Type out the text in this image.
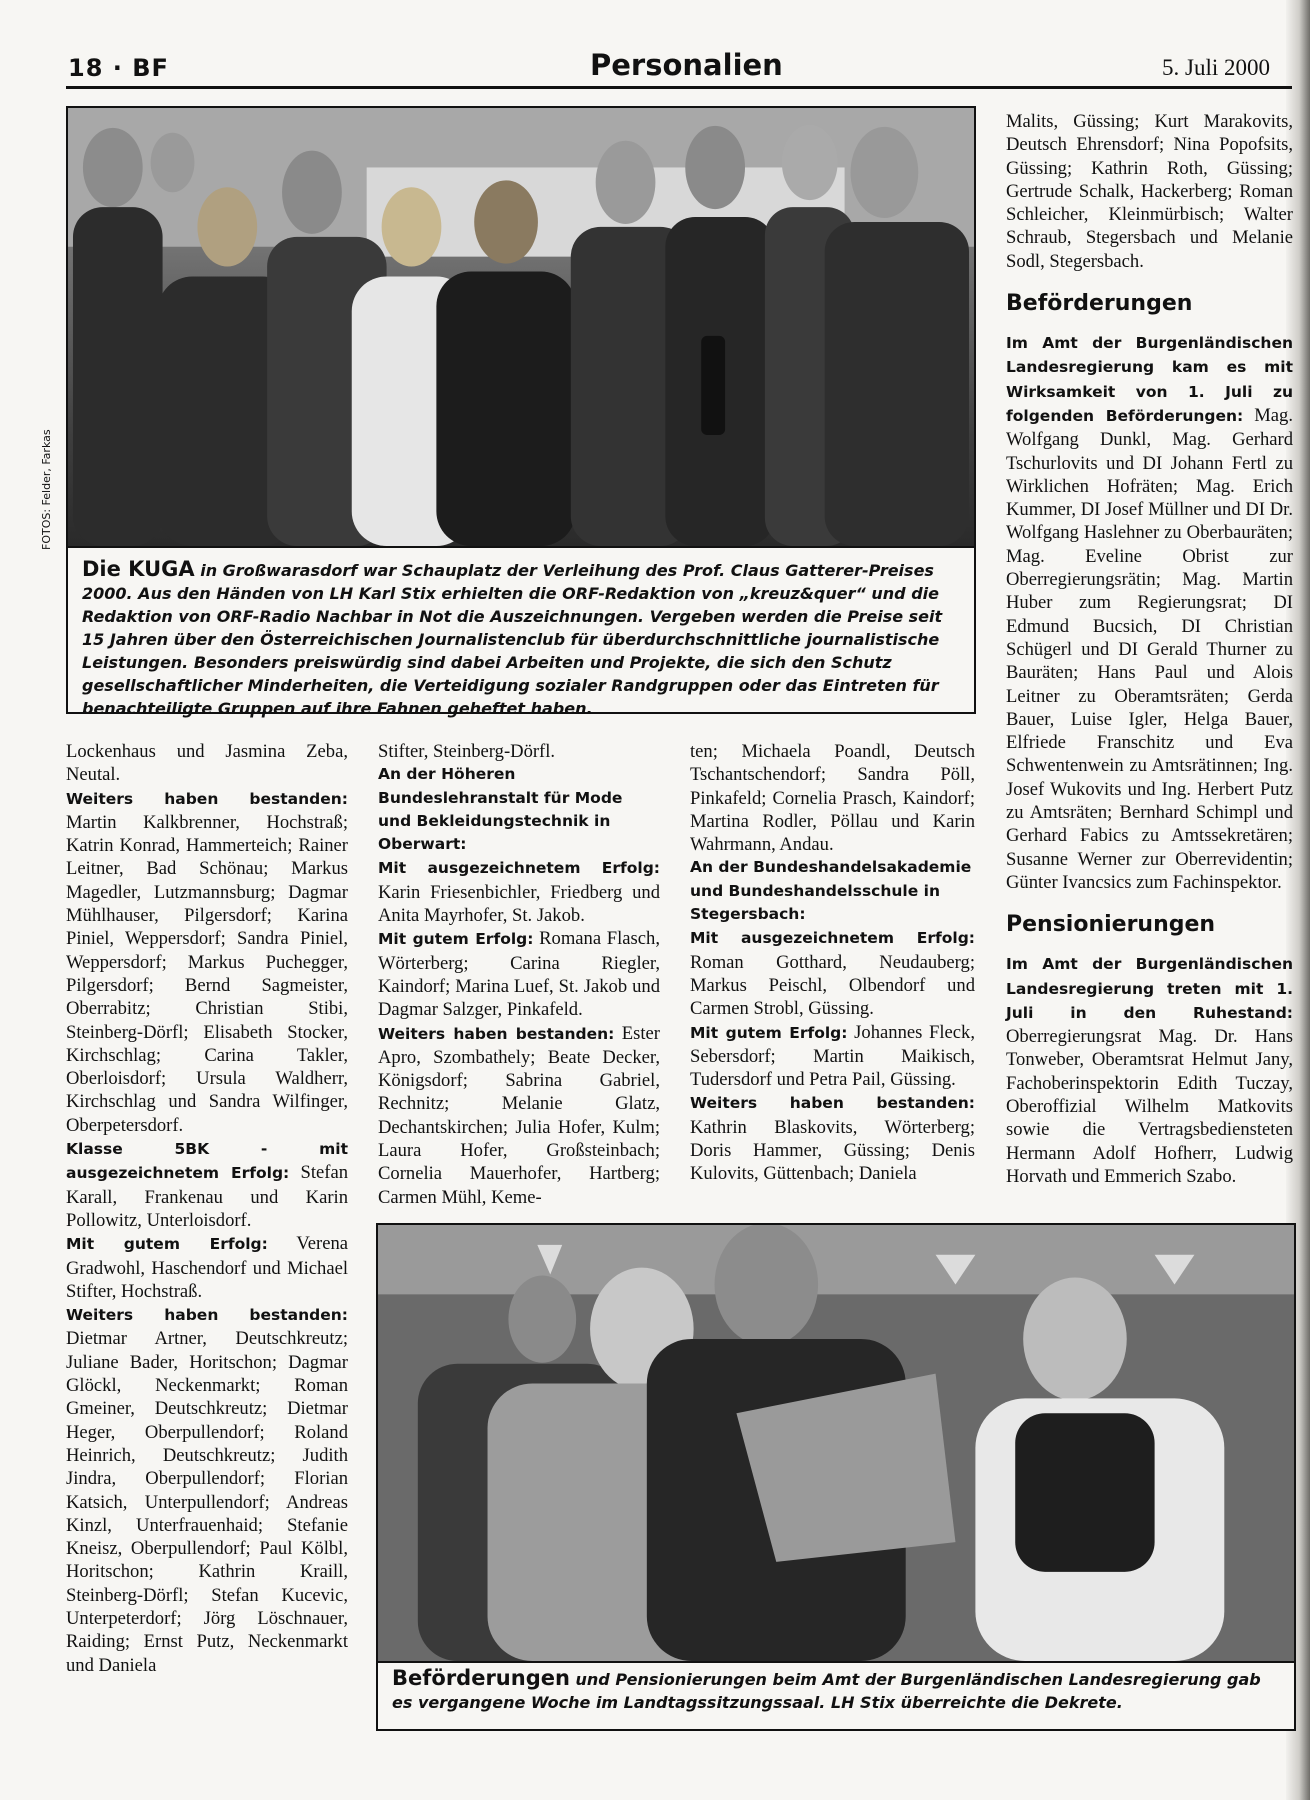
18 · BF	Personalien	5. Juli 2000
FOTOS: Felder, Farkas
Die KUGA in Großwarasdorf war Schauplatz der Verleihung des Prof. Claus Gatterer-Preises 2000. Aus den Händen von LH Karl Stix erhielten die ORF-Redaktion von „kreuz&quer“ und die Redaktion von ORF-Radio Nachbar in Not die Auszeichnungen. Vergeben werden die Preise seit 15 Jahren über den Österreichischen Journalistenclub für überdurchschnittliche journalistische Leistungen. Besonders preiswürdig sind dabei Arbeiten und Projekte, die sich den Schutz gesellschaftlicher Minderheiten, die Verteidigung sozialer Randgruppen oder das Eintreten für benachteiligte Gruppen auf ihre Fahnen geheftet haben.

Lockenhaus und Jasmina Zeba, Neutal.

Weiters haben bestanden: Martin Kalkbrenner, Hochstraß; Katrin Konrad, Hammerteich; Rainer Leitner, Bad Schönau; Markus Magedler, Lutzmannsburg; Dagmar Mühlhauser, Pilgersdorf; Karina Piniel, Weppersdorf; Sandra Piniel, Weppersdorf; Markus Puchegger, Pilgersdorf; Bernd Sagmeister, Oberrabitz; Christian Stibi, Steinberg-Dörfl; Elisabeth Stocker, Kirchschlag; Carina Takler, Oberloisdorf; Ursula Waldherr, Kirchschlag und Sandra Wilfinger, Oberpetersdorf.

Klasse 5BK - mit ausgezeichnetem Erfolg: Stefan Karall, Frankenau und Karin Pollowitz, Unterloisdorf.

Mit gutem Erfolg: Verena Gradwohl, Haschendorf und Michael Stifter, Hochstraß.

Weiters haben bestanden: Dietmar Artner, Deutschkreutz; Juliane Bader, Horitschon; Dagmar Glöckl, Neckenmarkt; Roman Gmeiner, Deutschkreutz; Dietmar Heger, Oberpullendorf; Roland Heinrich, Deutschkreutz; Judith Jindra, Oberpullendorf; Florian Katsich, Unterpullendorf; Andreas Kinzl, Unterfrauenhaid; Stefanie Kneisz, Oberpullendorf; Paul Kölbl, Horitschon; Kathrin Kraill, Steinberg-Dörfl; Stefan Kucevic, Unterpeterdorf; Jörg Löschnauer, Raiding; Ernst Putz, Neckenmarkt und Daniela

Stifter, Steinberg-Dörfl.

An der Höheren Bundeslehranstalt für Mode und Bekleidungstechnik in Oberwart:

Mit ausgezeichnetem Erfolg: Karin Friesenbichler, Friedberg und Anita Mayrhofer, St. Jakob.

Mit gutem Erfolg: Romana Flasch, Wörterberg; Carina Riegler, Kaindorf; Marina Luef, St. Jakob und Dagmar Salzger, Pinkafeld.

Weiters haben bestanden: Ester Apro, Szombathely; Beate Decker, Königsdorf; Sabrina Gabriel, Rechnitz; Melanie Glatz, Dechantskirchen; Julia Hofer, Kulm; Laura Hofer, Großsteinbach; Cornelia Mauerhofer, Hartberg; Carmen Mühl, Keme-

ten; Michaela Poandl, Deutsch Tschantschendorf; Sandra Pöll, Pinkafeld; Cornelia Prasch, Kaindorf; Martina Rodler, Pöllau und Karin Wahrmann, Andau.

An der Bundeshandelsakademie und Bundeshandelsschule in Stegersbach:

Mit ausgezeichnetem Erfolg: Roman Gotthard, Neudauberg; Markus Peischl, Olbendorf und Carmen Strobl, Güssing.

Mit gutem Erfolg: Johannes Fleck, Sebersdorf; Martin Maikisch, Tudersdorf und Petra Pail, Güssing.

Weiters haben bestanden: Kathrin Blaskovits, Wörterberg; Doris Hammer, Güssing; Denis Kulovits, Güttenbach; Daniela

Malits, Güssing; Kurt Marakovits, Deutsch Ehrensdorf; Nina Popofsits, Güssing; Kathrin Roth, Güssing; Gertrude Schalk, Hackerberg; Roman Schleicher, Kleinmürbisch; Walter Schraub, Stegersbach und Melanie Sodl, Stegersbach.

Beförderungen

Im Amt der Burgenländischen Landesregierung kam es mit Wirksamkeit von 1. Juli zu folgenden Beförderungen: Mag. Wolfgang Dunkl, Mag. Gerhard Tschurlovits und DI Johann Fertl zu Wirklichen Hofräten; Mag. Erich Kummer, DI Josef Müllner und DI Dr. Wolfgang Haslehner zu Oberbauräten; Mag. Eveline Obrist zur Oberregierungsrätin; Mag. Martin Huber zum Regierungsrat; DI Edmund Bucsich, DI Christian Schügerl und DI Gerald Thurner zu Bauräten; Hans Paul und Alois Leitner zu Oberamtsräten; Gerda Bauer, Luise Igler, Helga Bauer, Elfriede Franschitz und Eva Schwentenwein zu Amtsrätinnen; Ing. Josef Wukovits und Ing. Herbert Putz zu Amtsräten; Bernhard Schimpl und Gerhard Fabics zu Amtssekretären; Susanne Werner zur Oberrevidentin; Günter Ivancsics zum Fachinspektor.

Pensionierungen

Im Amt der Burgenländischen Landesregierung treten mit 1. Juli in den Ruhestand: Oberregierungsrat Mag. Dr. Hans Tonweber, Oberamtsrat Helmut Jany, Fachoberinspektorin Edith Tuczay, Oberoffizial Wilhelm Matkovits sowie die Vertragsbediensteten Hermann Adolf Hofherr, Ludwig Horvath und Emmerich Szabo.

Beförderungen und Pensionierungen beim Amt der Burgenländischen Landesregierung gab es vergangene Woche im Landtagssitzungssaal. LH Stix überreichte die Dekrete.
